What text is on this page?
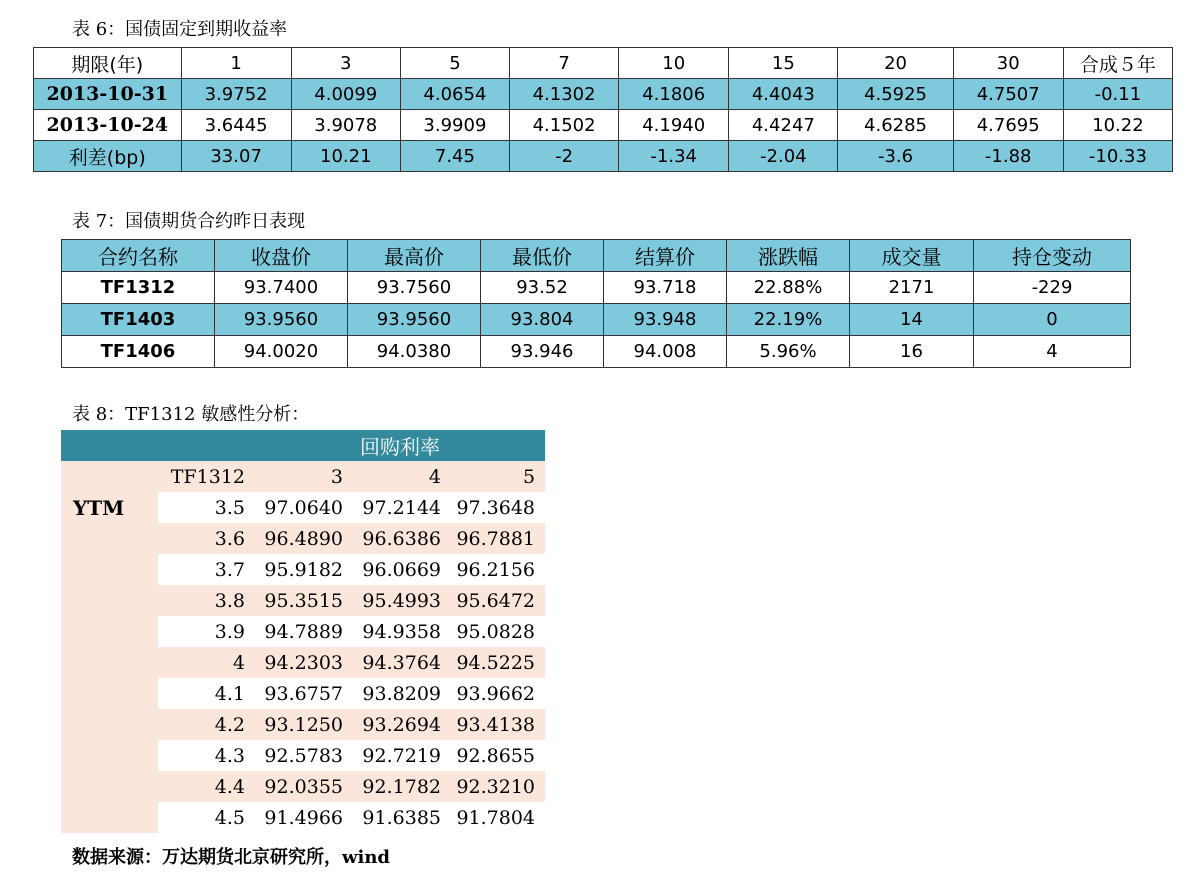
表 6：国债固定到期收益率
期限(年)	1	3	5	7	10	15	20	30	合成５年
2013-10-31	3.9752	4.0099	4.0654	4.1302	4.1806	4.4043	4.5925	4.7507	-0.11
2013-10-24	3.6445	3.9078	3.9909	4.1502	4.1940	4.4247	4.6285	4.7695	10.22
利差(bp)	33.07	10.21	7.45	-2	-1.34	-2.04	-3.6	-1.88	-10.33
表 7：国债期货合约昨日表现
合约名称	收盘价	最高价	最低价	结算价	涨跌幅	成交量	持仓变动
TF1312	93.7400	93.7560	93.52	93.718	22.88%	2171	-229
TF1403	93.9560	93.9560	93.804	93.948	22.19%	14	0
TF1406	94.0020	94.0380	93.946	94.008	5.96%	16	4
表 8：TF1312 敏感性分析：
		回购利率		
	TF1312	3	4	5
YTM	3.5	97.0640	97.2144	97.3648
	3.6	96.4890	96.6386	96.7881
	3.7	95.9182	96.0669	96.2156
	3.8	95.3515	95.4993	95.6472
	3.9	94.7889	94.9358	95.0828
	4	94.2303	94.3764	94.5225
	4.1	93.6757	93.8209	93.9662
	4.2	93.1250	93.2694	93.4138
	4.3	92.5783	92.7219	92.8655
	4.4	92.0355	92.1782	92.3210
	4.5	91.4966	91.6385	91.7804
数据来源：万达期货北京研究所，wind
